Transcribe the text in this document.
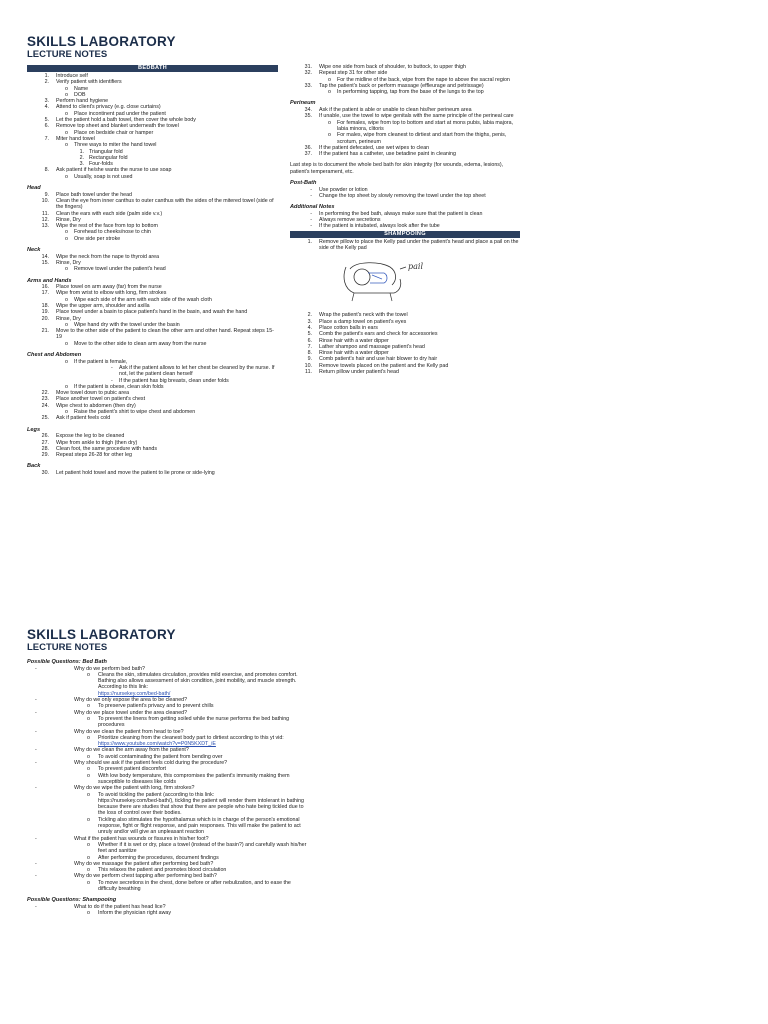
SKILLS LABORATORY
LECTURE NOTES
BEDBATH
1.	Introduce self
2.	Verify patient with identifiers
o	Name
o	DOB
3.	Perform hand hygiene
4.	Attend to client's privacy (e.g. close curtains)
o	Place incontinent pad under the patient
5.	Let the patient hold a bath towel, then cover the whole body
6.	Remove top sheet and blanket underneath the towel
o	Place on bedside chair or hamper
7.	Miter hand towel
o	Three ways to miter the hand towel
1. Triangular fold
2. Rectangular fold
3. Four-folds
8.	Ask patient if he/she wants the nurse to use soap
o	Usually, soap is not used
Head
9.	Place bath towel under the head
10.	Clean the eye from inner canthus to outer canthus with the sides of the mitered towel (side of the fingers)
11.	Clean the ears with each side (palm side v.v.)
12.	Rinse, Dry
13.	Wipe the rest of the face from top to bottom
o	Forehead to cheeks/nose to chin
o	One side per stroke
Neck
14.	Wipe the neck from the nape to thyroid area
15.	Rinse, Dry
o	Remove towel under the patient's head
Arms and Hands
16.	Place towel on arm away (far) from the nurse
17.	Wipe from wrist to elbow with long, firm strokes
o	Wipe each side of the arm with each side of the wash cloth
18.	Wipe the upper arm, shoulder and axilla
19.	Place towel under a basin to place patient's hand in the basin, and wash the hand
20.	Rinse, Dry
o	Wipe hand dry with the towel under the basin
21.	Move to the other side of the patient to clean the other arm and other hand. Repeat steps 15-19
o	Move to the other side to clean arm away from the nurse
Chest and Abdomen
o	If the patient is female,
-	Ask if the patient allows to let her chest be cleaned by the nurse. If not, let the patient clean herself
-	If the patient has big breasts, clean under folds
o	If the patient is obese, clean skin folds
22.	Move towel down to pubic area
23.	Place another towel on patient's chest
24.	Wipe chest to abdomen (then dry)
o	Raise the patient's shirt to wipe chest and abdomen
25.	Ask if patient feels cold
Legs
26.	Expose the leg to be cleaned
27.	Wipe from ankle to thigh (then dry)
28.	Clean foot, the same procedure with hands
29.	Repeat steps 26-28 for other leg
Back
30.	Let patient hold towel and move the patient to lie prone or side-lying
31.	Wipe one side from back of shoulder, to buttock, to upper thigh
32.	Repeat step 31 for other side
o	For the midline of the back, wipe from the nape to above the sacral region
33.	Tap the patient's back or perform massage (effleurage and petrissage)
o	In performing tapping, tap from the base of the lungs to the top
Perineum
34.	Ask if the patient is able or unable to clean his/her perineum area
35.	If unable, use the towel to wipe genitals with the same principle of the perineal care
o	For females, wipe from top to bottom and start at mons pubis, labia majora, labia minora, clitoris
o	For males, wipe from cleanest to dirtiest and start from the thighs, penis, scrotum, perineum
36.	If the patient defecated, use wet wipes to clean
37.	If the patient has a catheter, use betadine paint in cleaning
Last step is to document the whole bed bath for skin integrity (for wounds, edema, lesions), patient's temperament, etc.
Post-Bath
-	Use powder or lotion
-	Change the top sheet by slowly removing the towel under the top sheet
Additional Notes
-	In performing the bed bath, always make sure that the patient is clean
-	Always remove secretions
-	If the patient is intubated, always look after the tube
SHAMPOOING
1.	Remove pillow to place the Kelly pad under the patient's head and place a pail on the side of the Kelly pad
pail
2.	Wrap the patient's neck with the towel
3.	Place a damp towel on patient's eyes
4.	Place cotton balls in ears
5.	Comb the patient's ears and check for accessories
6.	Rinse hair with a water dipper
7.	Lather shampoo and massage patient's head
8.	Rinse hair with a water dipper
9.	Comb patient's hair and use hair blower to dry hair
10.	Remove towels placed on the patient and the Kelly pad
11.	Return pillow under patient's head
SKILLS LABORATORY
LECTURE NOTES
Possible Questions: Bed Bath
-	Why do we perform bed bath?
o	Cleans the skin, stimulates circulation, provides mild exercise, and promotes comfort. Bathing also allows assessment of skin condition, joint mobility, and muscle strength. According to this link:
https://nursekey.com/bed-bath/
-	Why do we only expose the area to be cleaned?
o	To preserve patient's privacy and to prevent chills
-	Why do we place towel under the area cleaned?
o	To prevent the linens from getting soiled while the nurse performs the bed bathing procedures
-	Why do we clean the patient from head to toe?
o	Prioritize cleaning from the cleanest body part to dirtiest according to this yt vid:
https://www.youtube.com/watch?v=P0N5KXDT_iE
-	Why do we clean the arm away from the patient?
o	To avoid contaminating the patient from bending over
-	Why should we ask if the patient feels cold during the procedure?
o	To prevent patient discomfort
o	With low body temperature, this compromises the patient's immunity making them susceptible to diseases like colds
-	Why do we wipe the patient with long, firm strokes?
o	To avoid tickling the patient (according to this link:
https://nursekey.com/bed-bath/), tickling the patient will render them intolerant in bathing because there are studies that show that there are people who hate being tickled due to the loss of control over their bodies.
o	Tickling also stimulates the hypothalamus which is in charge of the person's emotional response, fight or flight response, and pain responses. This will make the patient to act unruly and/or will give an unpleasant reaction
-	What if the patient has wounds or fissures in his/her foot?
o	Whether if it is wet or dry, place a towel (instead of the basin?) and carefully wash his/her feet and sanitize
o	After performing the procedures, document findings
-	Why do we massage the patient after performing bed bath?
o	This relaxes the patient and promotes blood circulation
-	Why do we perform chest tapping after performing bed bath?
o	To move secretions in the chest, done before or after nebulization, and to ease the difficulty breathing
Possible Questions: Shampooing
-	What to do if the patient has head lice?
o	Inform the physician right away
